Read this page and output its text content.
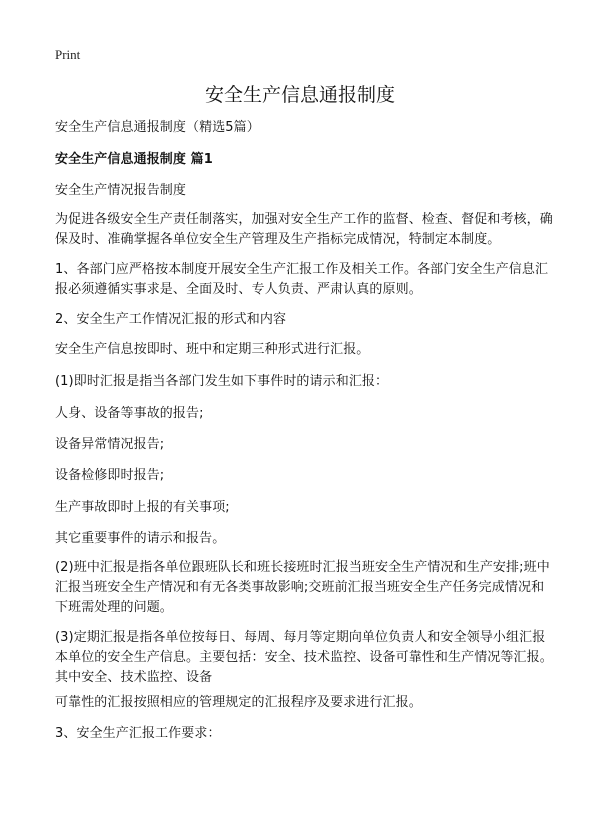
Print
安全生产信息通报制度

安全生产信息通报制度（精选5篇）

安全生产信息通报制度 篇1

安全生产情况报告制度

为促进各级安全生产责任制落实，加强对安全生产工作的监督、检查、督促和考核，确保及时、准确掌握各单位安全生产管理及生产指标完成情况，特制定本制度。

1、各部门应严格按本制度开展安全生产汇报工作及相关工作。各部门安全生产信息汇报必须遵循实事求是、全面及时、专人负责、严肃认真的原则。

2、安全生产工作情况汇报的形式和内容

安全生产信息按即时、班中和定期三种形式进行汇报。

(1)即时汇报是指当各部门发生如下事件时的请示和汇报：

人身、设备等事故的报告;

设备异常情况报告;

设备检修即时报告;

生产事故即时上报的有关事项;

其它重要事件的请示和报告。

(2)班中汇报是指各单位跟班队长和班长接班时汇报当班安全生产情况和生产安排;班中汇报当班安全生产情况和有无各类事故影响;交班前汇报当班安全生产任务完成情况和下班需处理的问题。

(3)定期汇报是指各单位按每日、每周、每月等定期向单位负责人和安全领导小组汇报本单位的安全生产信息。主要包括：安全、技术监控、设备可靠性和生产情况等汇报。其中安全、技术监控、设备

可靠性的汇报按照相应的管理规定的汇报程序及要求进行汇报。

3、安全生产汇报工作要求：
